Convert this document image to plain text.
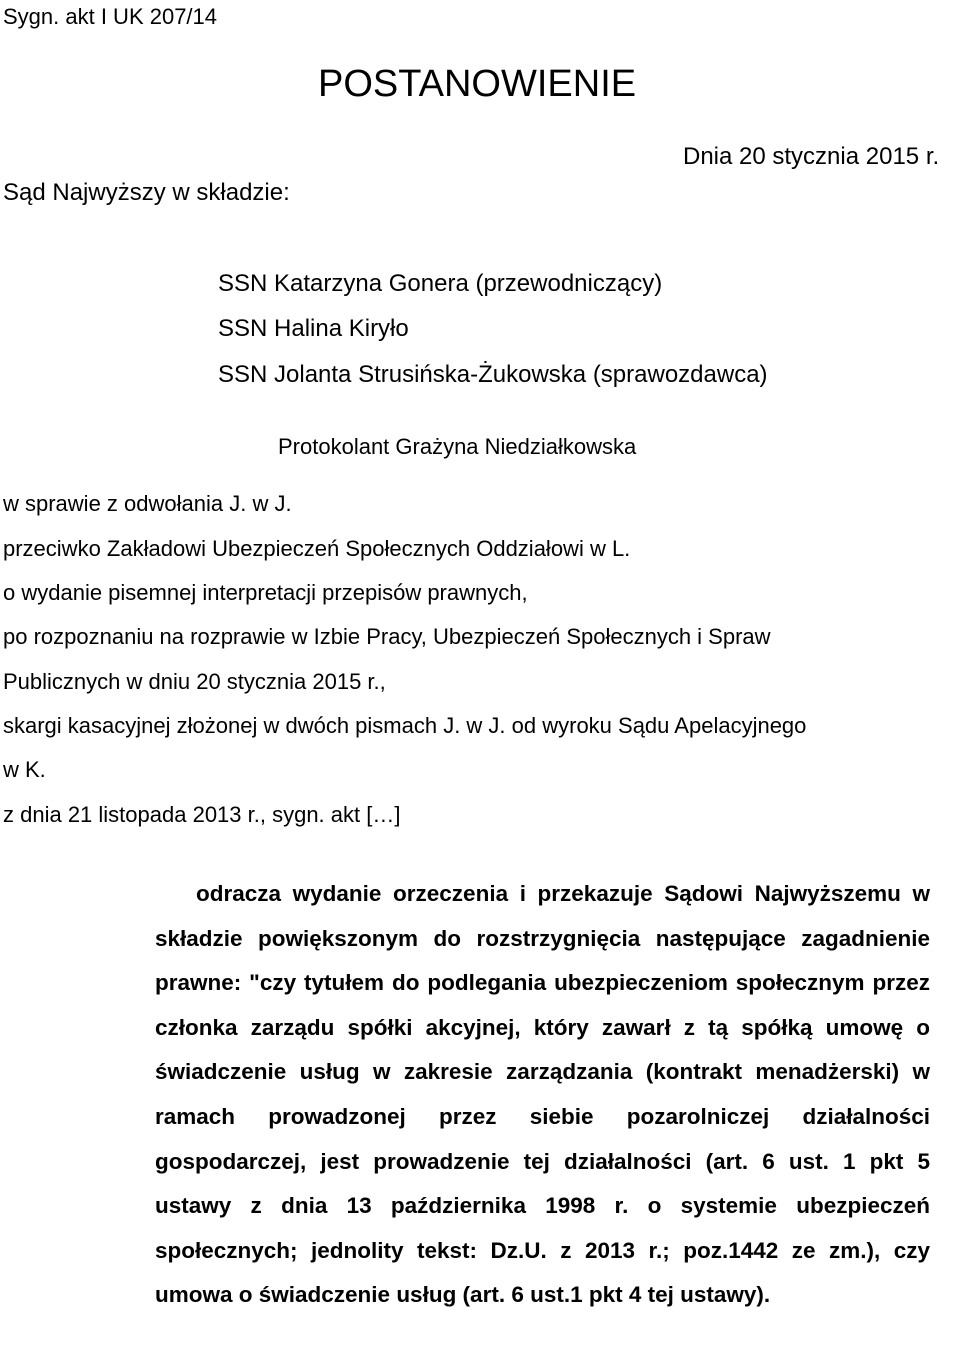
Sygn. akt I UK 207/14
POSTANOWIENIE
Dnia 20 stycznia 2015 r.
Sąd Najwyższy w składzie:
SSN Katarzyna Gonera (przewodniczący)
SSN Halina Kiryło
SSN Jolanta Strusińska-Żukowska (sprawozdawca)
Protokolant Grażyna Niedziałkowska
w sprawie z odwołania J. w J.
przeciwko Zakładowi Ubezpieczeń Społecznych Oddziałowi w L.
o wydanie pisemnej interpretacji przepisów prawnych,
po rozpoznaniu na rozprawie w Izbie Pracy, Ubezpieczeń Społecznych i Spraw
Publicznych w dniu 20 stycznia 2015 r.,
skargi kasacyjnej złożonej w dwóch pismach J. w J. od wyroku Sądu Apelacyjnego
w K.
z dnia 21 listopada 2013 r., sygn. akt […]

odracza wydanie orzeczenia i przekazuje Sądowi Najwyższemu w składzie powiększonym do rozstrzygnięcia następujące zagadnienie prawne: "czy tytułem do podlegania ubezpieczeniom społecznym przez członka zarządu spółki akcyjnej, który zawarł z tą spółką umowę o świadczenie usług w zakresie zarządzania (kontrakt menadżerski) w ramach prowadzonej przez siebie pozarolniczej działalności gospodarczej, jest prowadzenie tej działalności (art. 6 ust. 1 pkt 5 ustawy z dnia 13 października 1998 r. o systemie ubezpieczeń społecznych; jednolity tekst: Dz.U. z 2013 r.; poz.1442 ze zm.), czy umowa o świadczenie usług (art. 6 ust.1 pkt 4 tej ustawy).
